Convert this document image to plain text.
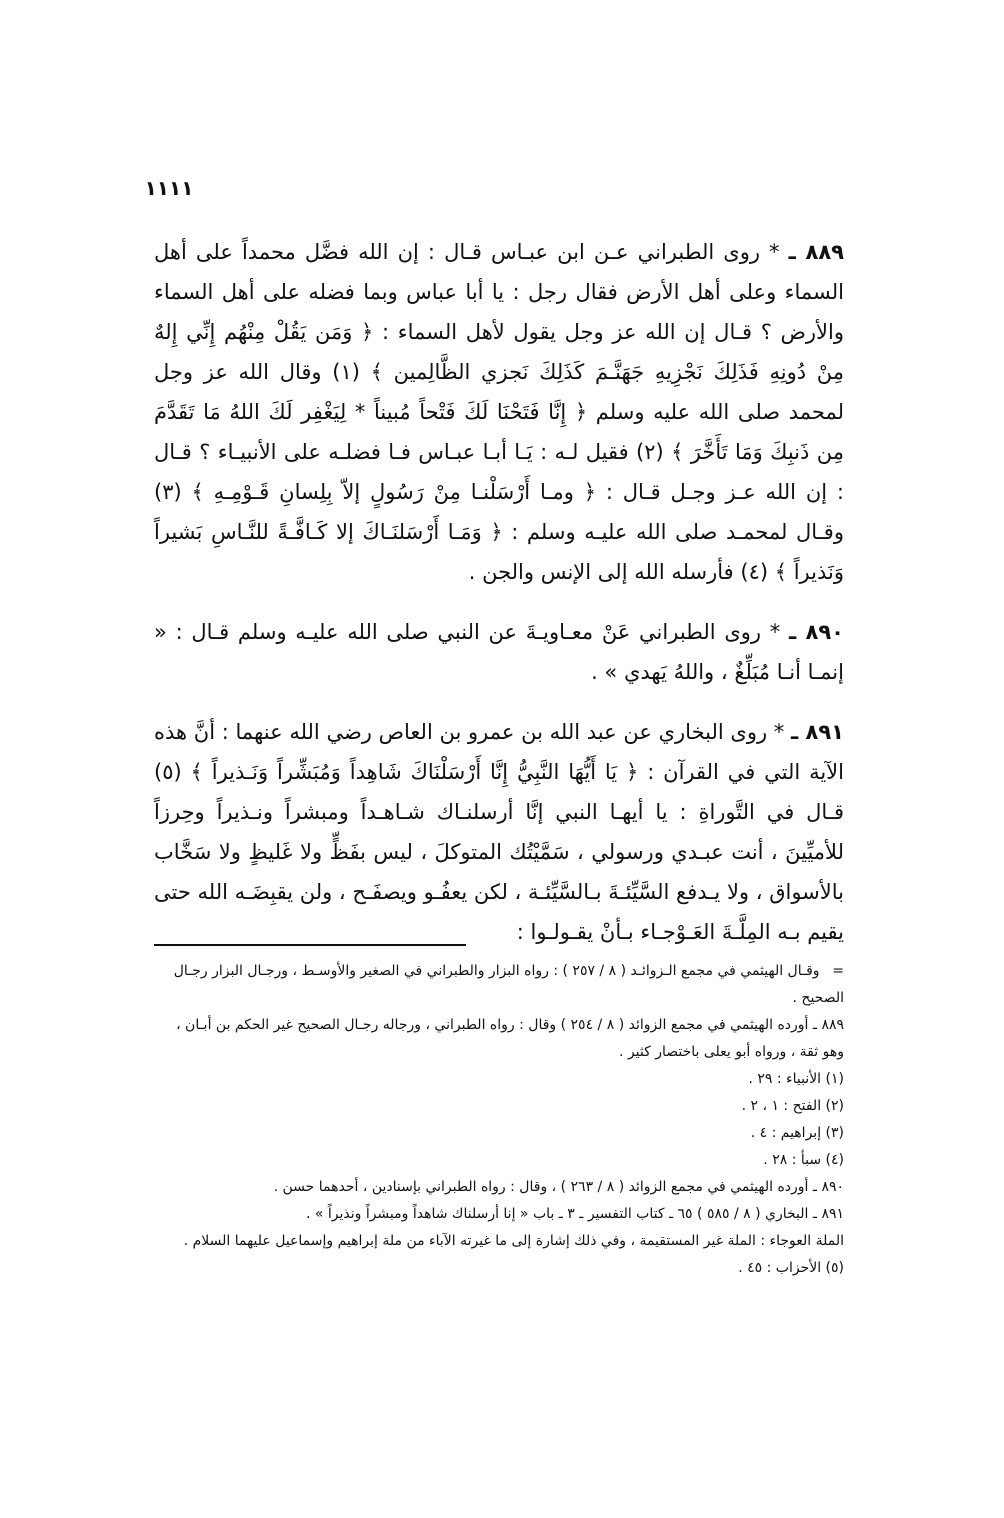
١١١١

٨٨٩ ـ * روى الطبراني عـن ابن عبـاس قـال : إن الله فضَّل محمداً على أهل السماء وعلى أهل الأرض فقال رجل : يا أبا عباس وبما فضله على أهل السماء والأرض ؟ قـال إن الله عز وجل يقول لأهل السماء : ﴿ وَمَن يَقُلْ مِنْهُم إِنِّي إِلهٌ مِنْ دُونِهِ فَذَلِكَ نَجْزِيهِ جَهَنَّـمَ كَذَلِكَ نَجزي الظَّالِمين ﴾ (١) وقال الله عز وجل لمحمد صلى الله عليه وسلم ﴿ إِنَّا فَتَحْنَا لَكَ فَتْحاً مُبيناً * لِيَغْفِر لَكَ اللهُ مَا تَقَدَّمَ مِن ذَنبِكَ وَمَا تَأَخَّرَ ﴾ (٢) فقيل لـه : يَـا أبـا عبـاس فـا فضلـه على الأنبيـاء ؟ قـال : إن الله عـز وجـل قـال : ﴿ ومـا أَرْسَلْنـا مِنْ رَسُولٍ إلاّ بِلِسانِ قَـوْمِـهِ ﴾ (٣) وقـال لمحمـد صلى الله عليـه وسلم : ﴿ وَمَـا أَرْسَلنَـاكَ إلا كَـافَّـةً للنَّـاسِ بَشيراً وَنَذيراً ﴾ (٤) فأرسله الله إلى الإنس والجن .

٨٩٠ ـ * روى الطبراني عَنْ معـاويـةَ عن النبي صلى الله عليـه وسلم قـال : « إنمـا أنـا مُبَلِّغٌ ، واللهُ يَهدي » .

٨٩١ ـ * روى البخاري عن عبد الله بن عمرو بن العاص رضي الله عنهما : أنَّ هذه الآية التي في القرآن : ﴿ يَا أَيُّهَا النَّبِيُّ إِنَّا أَرْسَلْنَاكَ شَاهِداً وَمُبَشِّراً وَنَـذيراً ﴾ (٥) قـال في التَّوراةِ : يا أيهـا النبي إنَّا أرسلنـاك شـاهـداً ومبشراً ونـذيراً وحِرزاً للأميِّينَ ، أنت عبـدي ورسولي ، سَمَّيْتُك المتوكلَ ، ليس بفَظٍّ ولا غَليظٍ ولا سَخَّاب بالأسواق ، ولا يـدفع السَّيِّئـةَ بـالسَّيِّئـة ، لكن يعفُـو ويصفَـح ، ولن يقبِضَـه الله حتى يقيم بـه المِلَّـةَ العَـوْجـاء بـأنْ يقـولـوا :

= وقـال الهيثمي في مجمع الـزوائـد ( ٨ / ٢٥٧ ) : رواه البزار والطبراني في الصغير والأوسـط ، ورجـال البزار رجـال الصحيح .

٨٨٩ ـ أورده الهيثمي في مجمع الزوائد ( ٨ / ٢٥٤ ) وقال : رواه الطبراني ، ورجاله رجـال الصحيح غير الحكم بن أبـان ، وهو ثقة ، ورواه أبو يعلى باختصار كثير .

(١) الأنبياء : ٢٩ .

(٢) الفتح : ١ ، ٢ .

(٣) إبراهيم : ٤ .

(٤) سبأ : ٢٨ .

٨٩٠ ـ أورده الهيثمي في مجمع الزوائد ( ٨ / ٢٦٣ ) ، وقال : رواه الطبراني بإسنادين ، أحدهما حسن .

٨٩١ ـ البخاري ( ٨ / ٥٨٥ ) ٦٥ ـ كتاب التفسير ـ ٣ ـ باب « إنا أرسلناك شاهداً ومبشراً ونذيراً » .

الملة العوجاء : الملة غير المستقيمة ، وفي ذلك إشارة إلى ما غيرته الآباء من ملة إبراهيم وإسماعيل عليهما السلام .

(٥) الأحزاب : ٤٥ .
